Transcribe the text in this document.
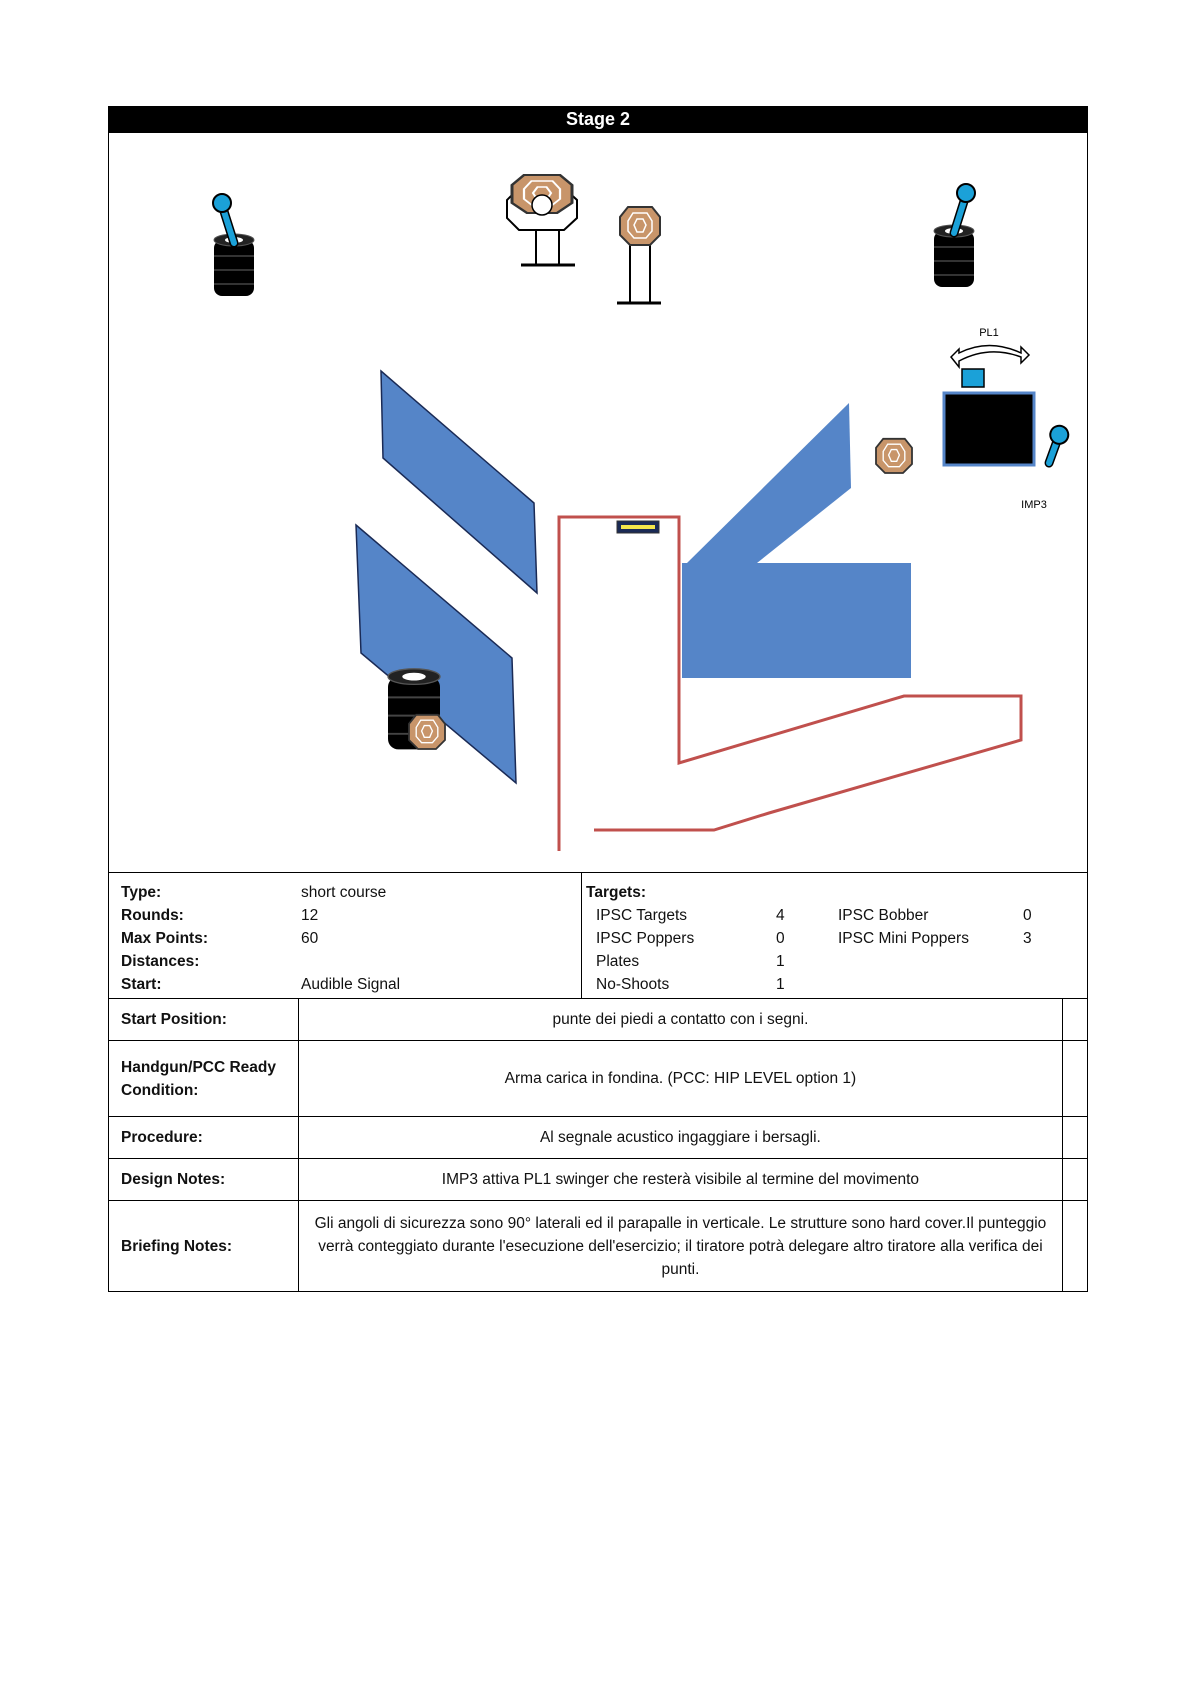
Stage 2
PL1
IMP3
Type:	short course
Rounds:	12
Max Points:	60
Distances:
Start:	Audible Signal
Targets:
IPSC Targets	4	IPSC Bobber	0
IPSC Poppers	0	IPSC Mini Poppers	3
Plates	1
No-Shoots	1
Start Position:	punte dei piedi a contatto con i segni.
Handgun/PCC Ready Condition:
Arma carica in fondina. (PCC: HIP LEVEL option 1)
Procedure:	Al segnale acustico ingaggiare i bersagli.
Design Notes:	IMP3 attiva PL1 swinger che resterà visibile al termine del movimento
Briefing Notes:
Gli angoli di sicurezza sono 90° laterali ed il parapalle in verticale. Le strutture sono hard cover.Il punteggio verrà conteggiato durante l'esecuzione dell'esercizio; il tiratore potrà delegare altro tiratore alla verifica dei punti.
